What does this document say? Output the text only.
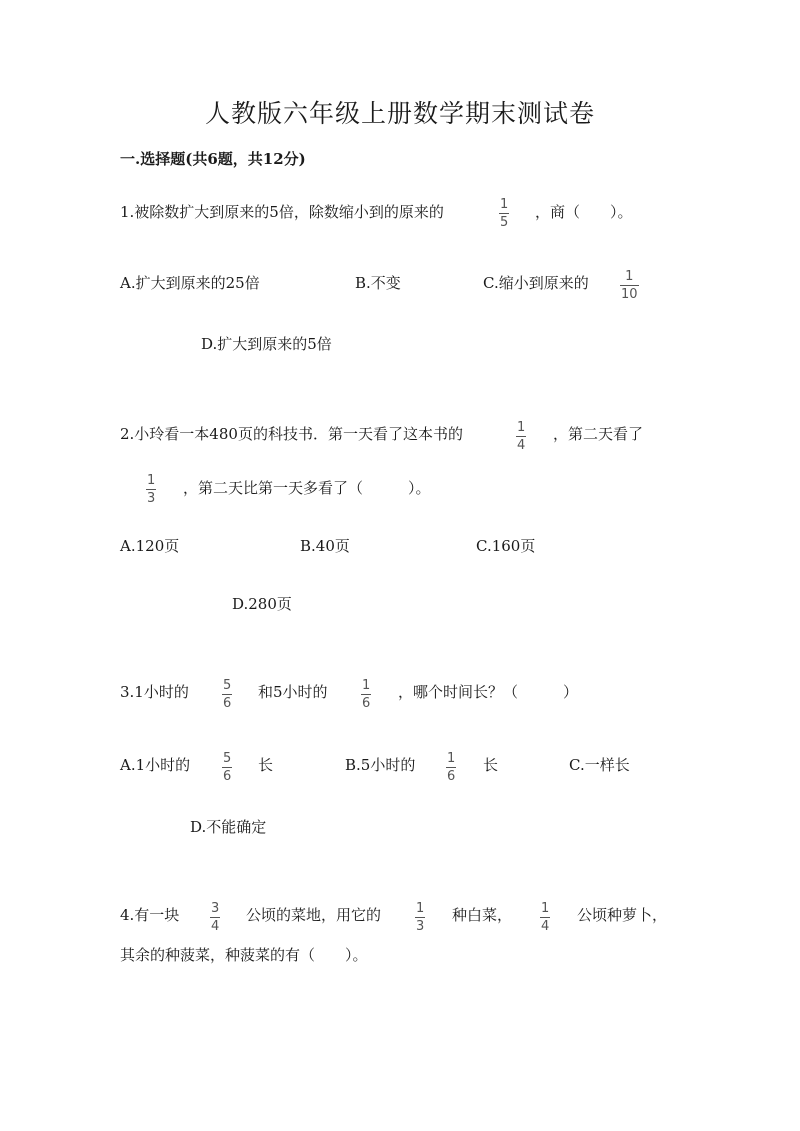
人教版六年级上册数学期末测试卷
一.选择题(共6题，共12分)
1.被除数扩大到原来的5倍，除数缩小到的原来的	1
5
，商（　　）。
A.扩大到原来的25倍	B.不变	C.缩小到原来的	1
10
D.扩大到原来的5倍
2.小玲看一本480页的科技书．第一天看了这本书的	1
4
，第二天看了
1
3
，第二天比第一天多看了（　　　）。
A.120页	B.40页	C.160页
D.280页
3.1小时的	5
6
和5小时的	1
6
，哪个时间长？（　　　）
A.1小时的	5
6
长	B.5小时的 1
6
长	C.一样长
D.不能确定
4.有一块 3
4
公顷的菜地，用它的	1
3
种白菜， 1
4
公顷种萝卜，
其余的种菠菜，种菠菜的有（　　）。
